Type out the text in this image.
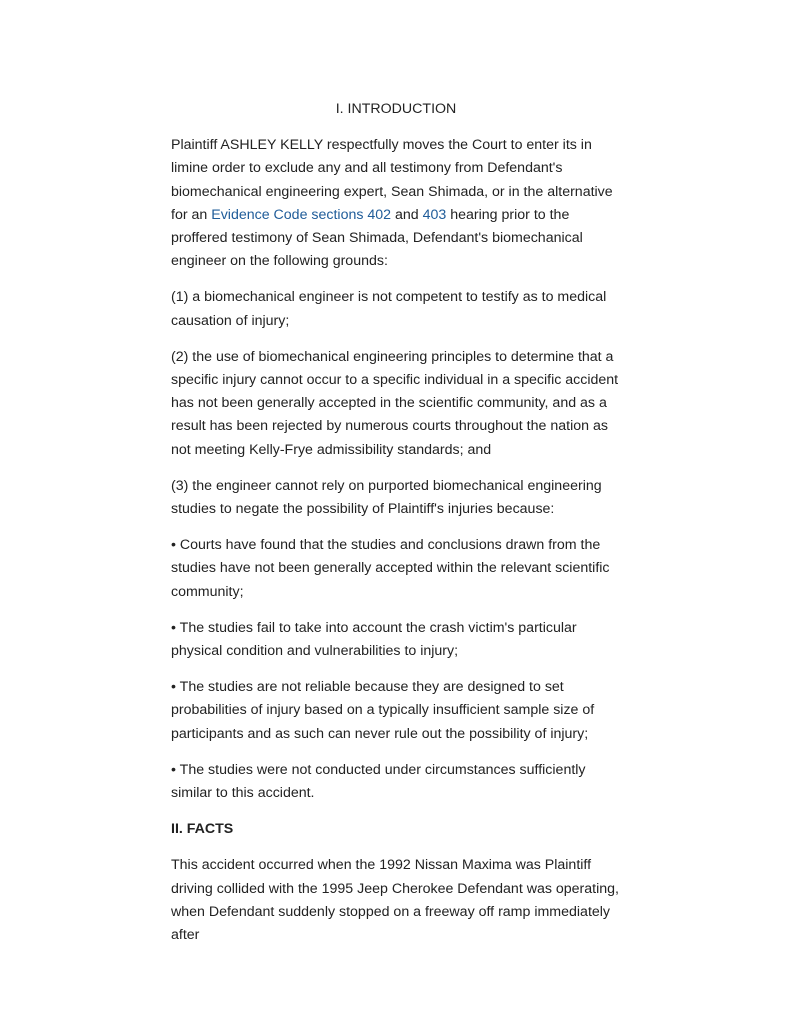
I. INTRODUCTION

Plaintiff ASHLEY KELLY respectfully moves the Court to enter its in limine order to exclude any and all testimony from Defendant's biomechanical engineering expert, Sean Shimada, or in the alternative for an Evidence Code sections 402 and 403 hearing prior to the proffered testimony of Sean Shimada, Defendant's biomechanical engineer on the following grounds:

(1) a biomechanical engineer is not competent to testify as to medical causation of injury;

(2) the use of biomechanical engineering principles to determine that a specific injury cannot occur to a specific individual in a specific accident has not been generally accepted in the scientific community, and as a result has been rejected by numerous courts throughout the nation as not meeting Kelly-Frye admissibility standards; and

(3) the engineer cannot rely on purported biomechanical engineering studies to negate the possibility of Plaintiff's injuries because:

• Courts have found that the studies and conclusions drawn from the studies have not been generally accepted within the relevant scientific community;

• The studies fail to take into account the crash victim's particular physical condition and vulnerabilities to injury;

• The studies are not reliable because they are designed to set probabilities of injury based on a typically insufficient sample size of participants and as such can never rule out the possibility of injury;

• The studies were not conducted under circumstances sufficiently similar to this accident.

II. FACTS

This accident occurred when the 1992 Nissan Maxima was Plaintiff driving collided with the 1995 Jeep Cherokee Defendant was operating, when Defendant suddenly stopped on a freeway off ramp immediately after
